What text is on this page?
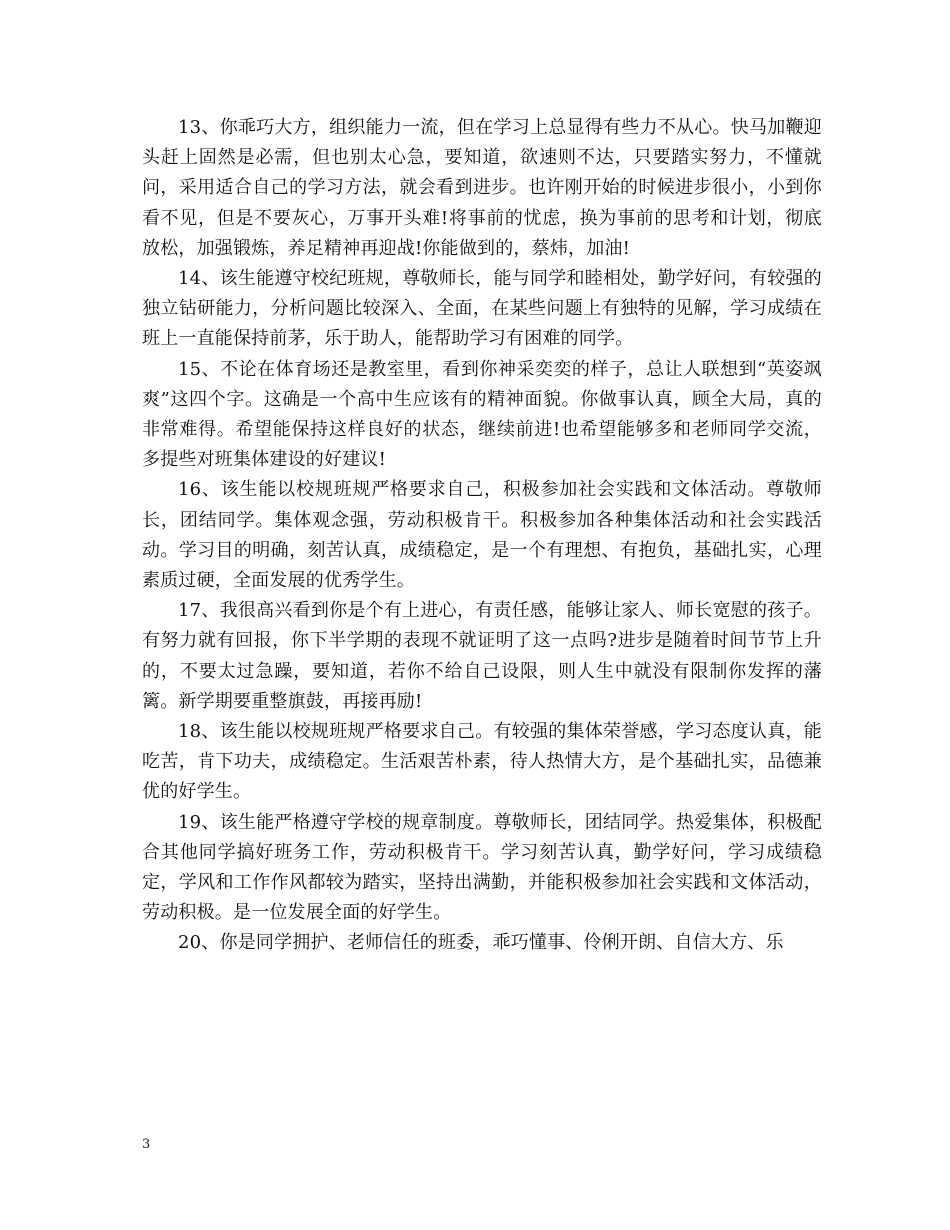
13、你乖巧大方，组织能力一流，但在学习上总显得有些力不从心。快马加鞭迎头赶上固然是必需，但也别太心急，要知道，欲速则不达，只要踏实努力，不懂就问，采用适合自己的学习方法，就会看到进步。也许刚开始的时候进步很小，小到你看不见，但是不要灰心，万事开头难!将事前的忧虑，换为事前的思考和计划，彻底放松，加强锻炼，养足精神再迎战!你能做到的，蔡炜，加油!

14、该生能遵守校纪班规，尊敬师长，能与同学和睦相处，勤学好问，有较强的独立钻研能力，分析问题比较深入、全面，在某些问题上有独特的见解，学习成绩在班上一直能保持前茅，乐于助人，能帮助学习有困难的同学。

15、不论在体育场还是教室里，看到你神采奕奕的样子，总让人联想到“英姿飒爽”这四个字。这确是一个高中生应该有的精神面貌。你做事认真，顾全大局，真的非常难得。希望能保持这样良好的状态，继续前进!也希望能够多和老师同学交流，多提些对班集体建设的好建议!

16、该生能以校规班规严格要求自己，积极参加社会实践和文体活动。尊敬师长，团结同学。集体观念强，劳动积极肯干。积极参加各种集体活动和社会实践活动。学习目的明确，刻苦认真，成绩稳定，是一个有理想、有抱负，基础扎实，心理素质过硬，全面发展的优秀学生。

17、我很高兴看到你是个有上进心，有责任感，能够让家人、师长宽慰的孩子。有努力就有回报，你下半学期的表现不就证明了这一点吗?进步是随着时间节节上升的，不要太过急躁，要知道，若你不给自己设限，则人生中就没有限制你发挥的藩篱。新学期要重整旗鼓，再接再励!

18、该生能以校规班规严格要求自己。有较强的集体荣誉感，学习态度认真，能吃苦，肯下功夫，成绩稳定。生活艰苦朴素，待人热情大方，是个基础扎实，品德兼优的好学生。

19、该生能严格遵守学校的规章制度。尊敬师长，团结同学。热爱集体，积极配合其他同学搞好班务工作，劳动积极肯干。学习刻苦认真，勤学好问，学习成绩稳定，学风和工作作风都较为踏实，坚持出满勤，并能积极参加社会实践和文体活动，劳动积极。是一位发展全面的好学生。

20、你是同学拥护、老师信任的班委，乖巧懂事、伶俐开朗、自信大方、乐

3
